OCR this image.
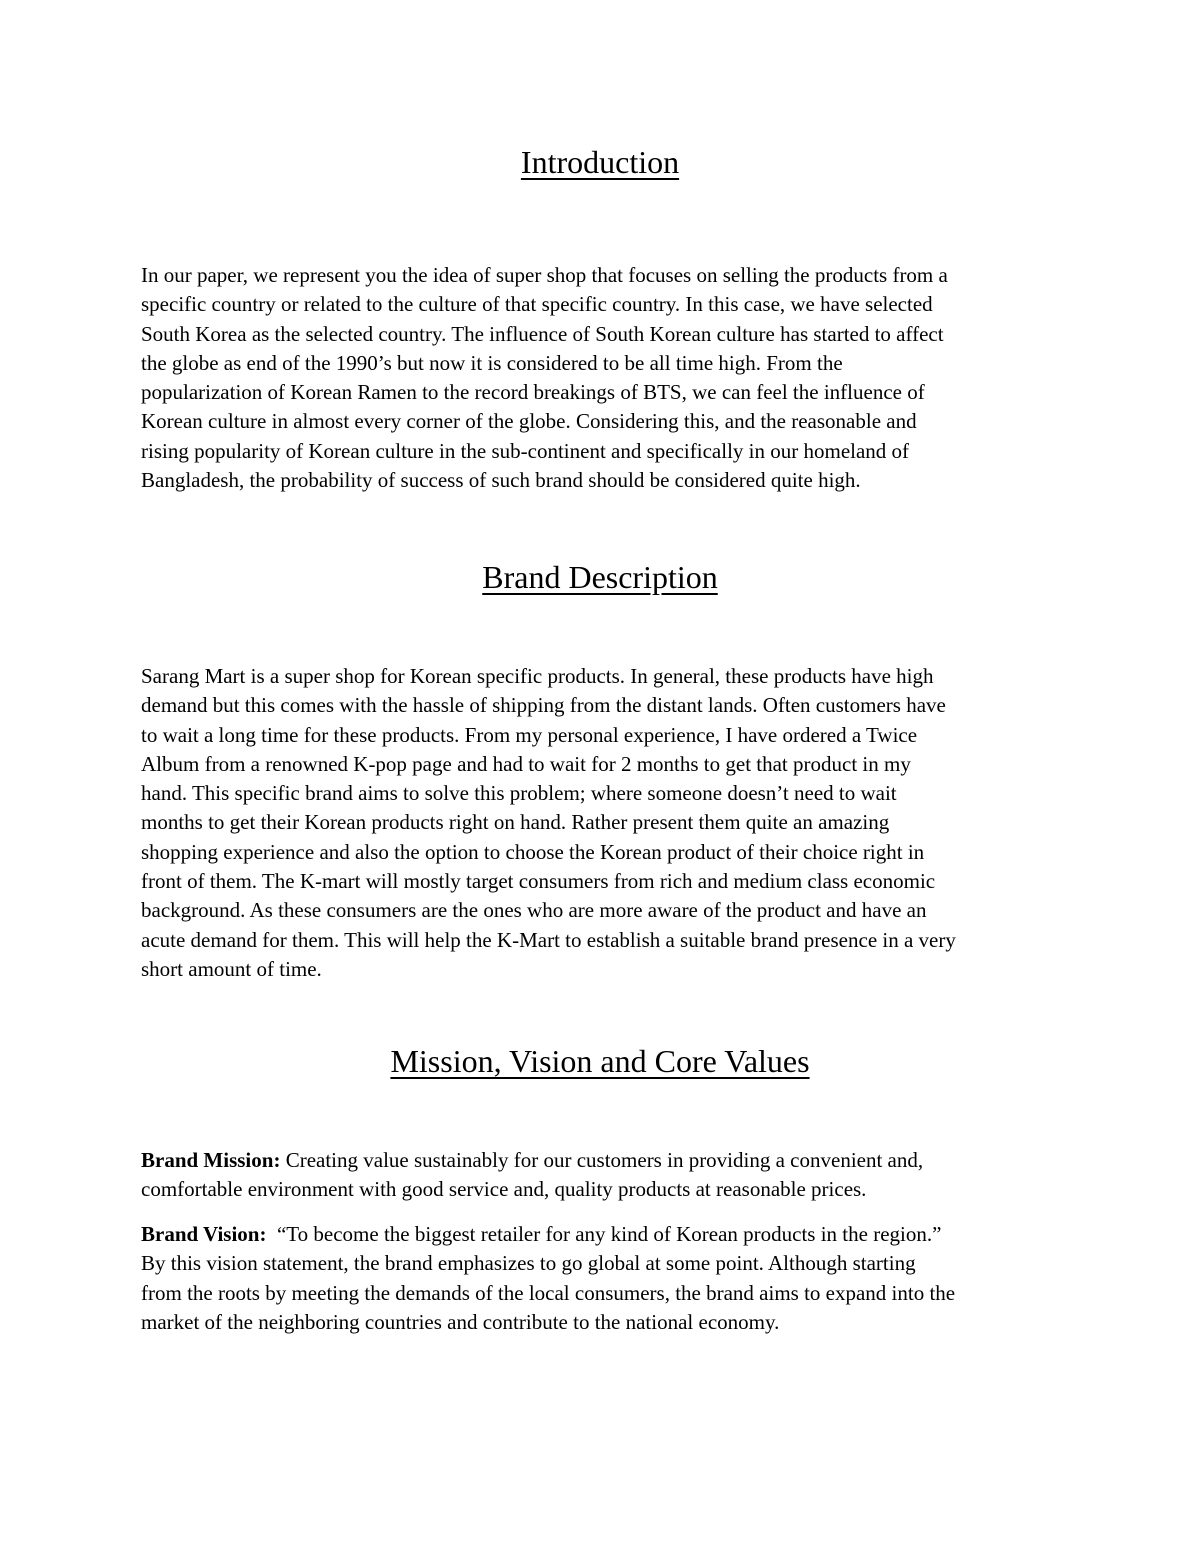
Introduction
In our paper, we represent you the idea of super shop that focuses on selling the products from a
specific country or related to the culture of that specific country. In this case, we have selected
South Korea as the selected country. The influence of South Korean culture has started to affect
the globe as end of the 1990’s but now it is considered to be all time high. From the
popularization of Korean Ramen to the record breakings of BTS, we can feel the influence of
Korean culture in almost every corner of the globe. Considering this, and the reasonable and
rising popularity of Korean culture in the sub-continent and specifically in our homeland of
Bangladesh, the probability of success of such brand should be considered quite high.
Brand Description
Sarang Mart is a super shop for Korean specific products. In general, these products have high
demand but this comes with the hassle of shipping from the distant lands. Often customers have
to wait a long time for these products. From my personal experience, I have ordered a Twice
Album from a renowned K-pop page and had to wait for 2 months to get that product in my
hand. This specific brand aims to solve this problem; where someone doesn’t need to wait
months to get their Korean products right on hand. Rather present them quite an amazing
shopping experience and also the option to choose the Korean product of their choice right in
front of them. The K-mart will mostly target consumers from rich and medium class economic
background. As these consumers are the ones who are more aware of the product and have an
acute demand for them. This will help the K-Mart to establish a suitable brand presence in a very
short amount of time.
Mission, Vision and Core Values
Brand Mission: Creating value sustainably for our customers in providing a convenient and,
comfortable environment with good service and, quality products at reasonable prices.
Brand Vision:  “To become the biggest retailer for any kind of Korean products in the region.”
By this vision statement, the brand emphasizes to go global at some point. Although starting
from the roots by meeting the demands of the local consumers, the brand aims to expand into the
market of the neighboring countries and contribute to the national economy.
